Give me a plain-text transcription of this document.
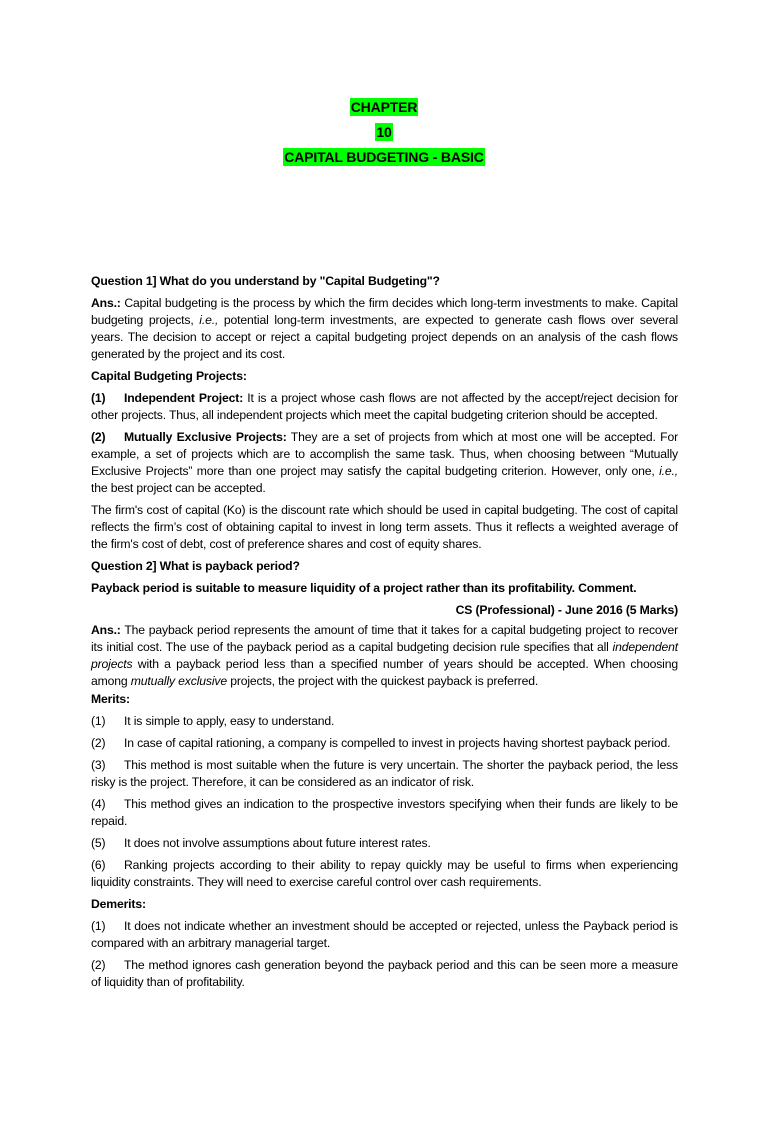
CHAPTER
10
CAPITAL BUDGETING - BASIC
Question 1] What do you understand by "Capital Budgeting"?

Ans.: Capital budgeting is the process by which the firm decides which long-term investments to make. Capital budgeting projects, i.e., potential long-term investments, are expected to generate cash flows over several years. The decision to accept or reject a capital budgeting project depends on an analysis of the cash flows generated by the project and its cost.

Capital Budgeting Projects:

(1) Independent Project: It is a project whose cash flows are not affected by the accept/reject decision for other projects. Thus, all independent projects which meet the capital budgeting criterion should be accepted.

(2) Mutually Exclusive Projects: They are a set of projects from which at most one will be accepted. For example, a set of projects which are to accomplish the same task. Thus, when choosing between “Mutually Exclusive Projects” more than one project may satisfy the capital budgeting criterion. However, only one, i.e., the best project can be accepted.

The firm's cost of capital (Ko) is the discount rate which should be used in capital budgeting. The cost of capital reflects the firm’s cost of obtaining capital to invest in long term assets. Thus it reflects a weighted average of the firm's cost of debt, cost of preference shares and cost of equity shares.

Question 2] What is payback period?
Payback period is suitable to measure liquidity of a project rather than its profitability. Comment.
CS (Professional) - June 2016 (5 Marks)

Ans.: The payback period represents the amount of time that it takes for a capital budgeting project to recover its initial cost. The use of the payback period as a capital budgeting decision rule specifies that all independent projects with a payback period less than a specified number of years should be accepted. When choosing among mutually exclusive projects, the project with the quickest payback is preferred.

Merits:

(1) It is simple to apply, easy to understand.

(2) In case of capital rationing, a company is compelled to invest in projects having shortest payback period.

(3) This method is most suitable when the future is very uncertain. The shorter the payback period, the less risky is the project. Therefore, it can be considered as an indicator of risk.

(4) This method gives an indication to the prospective investors specifying when their funds are likely to be repaid.

(5) It does not involve assumptions about future interest rates.

(6) Ranking projects according to their ability to repay quickly may be useful to firms when experiencing liquidity constraints. They will need to exercise careful control over cash requirements.

Demerits:

(1) It does not indicate whether an investment should be accepted or rejected, unless the Payback period is compared with an arbitrary managerial target.

(2) The method ignores cash generation beyond the payback period and this can be seen more a measure of liquidity than of profitability.
